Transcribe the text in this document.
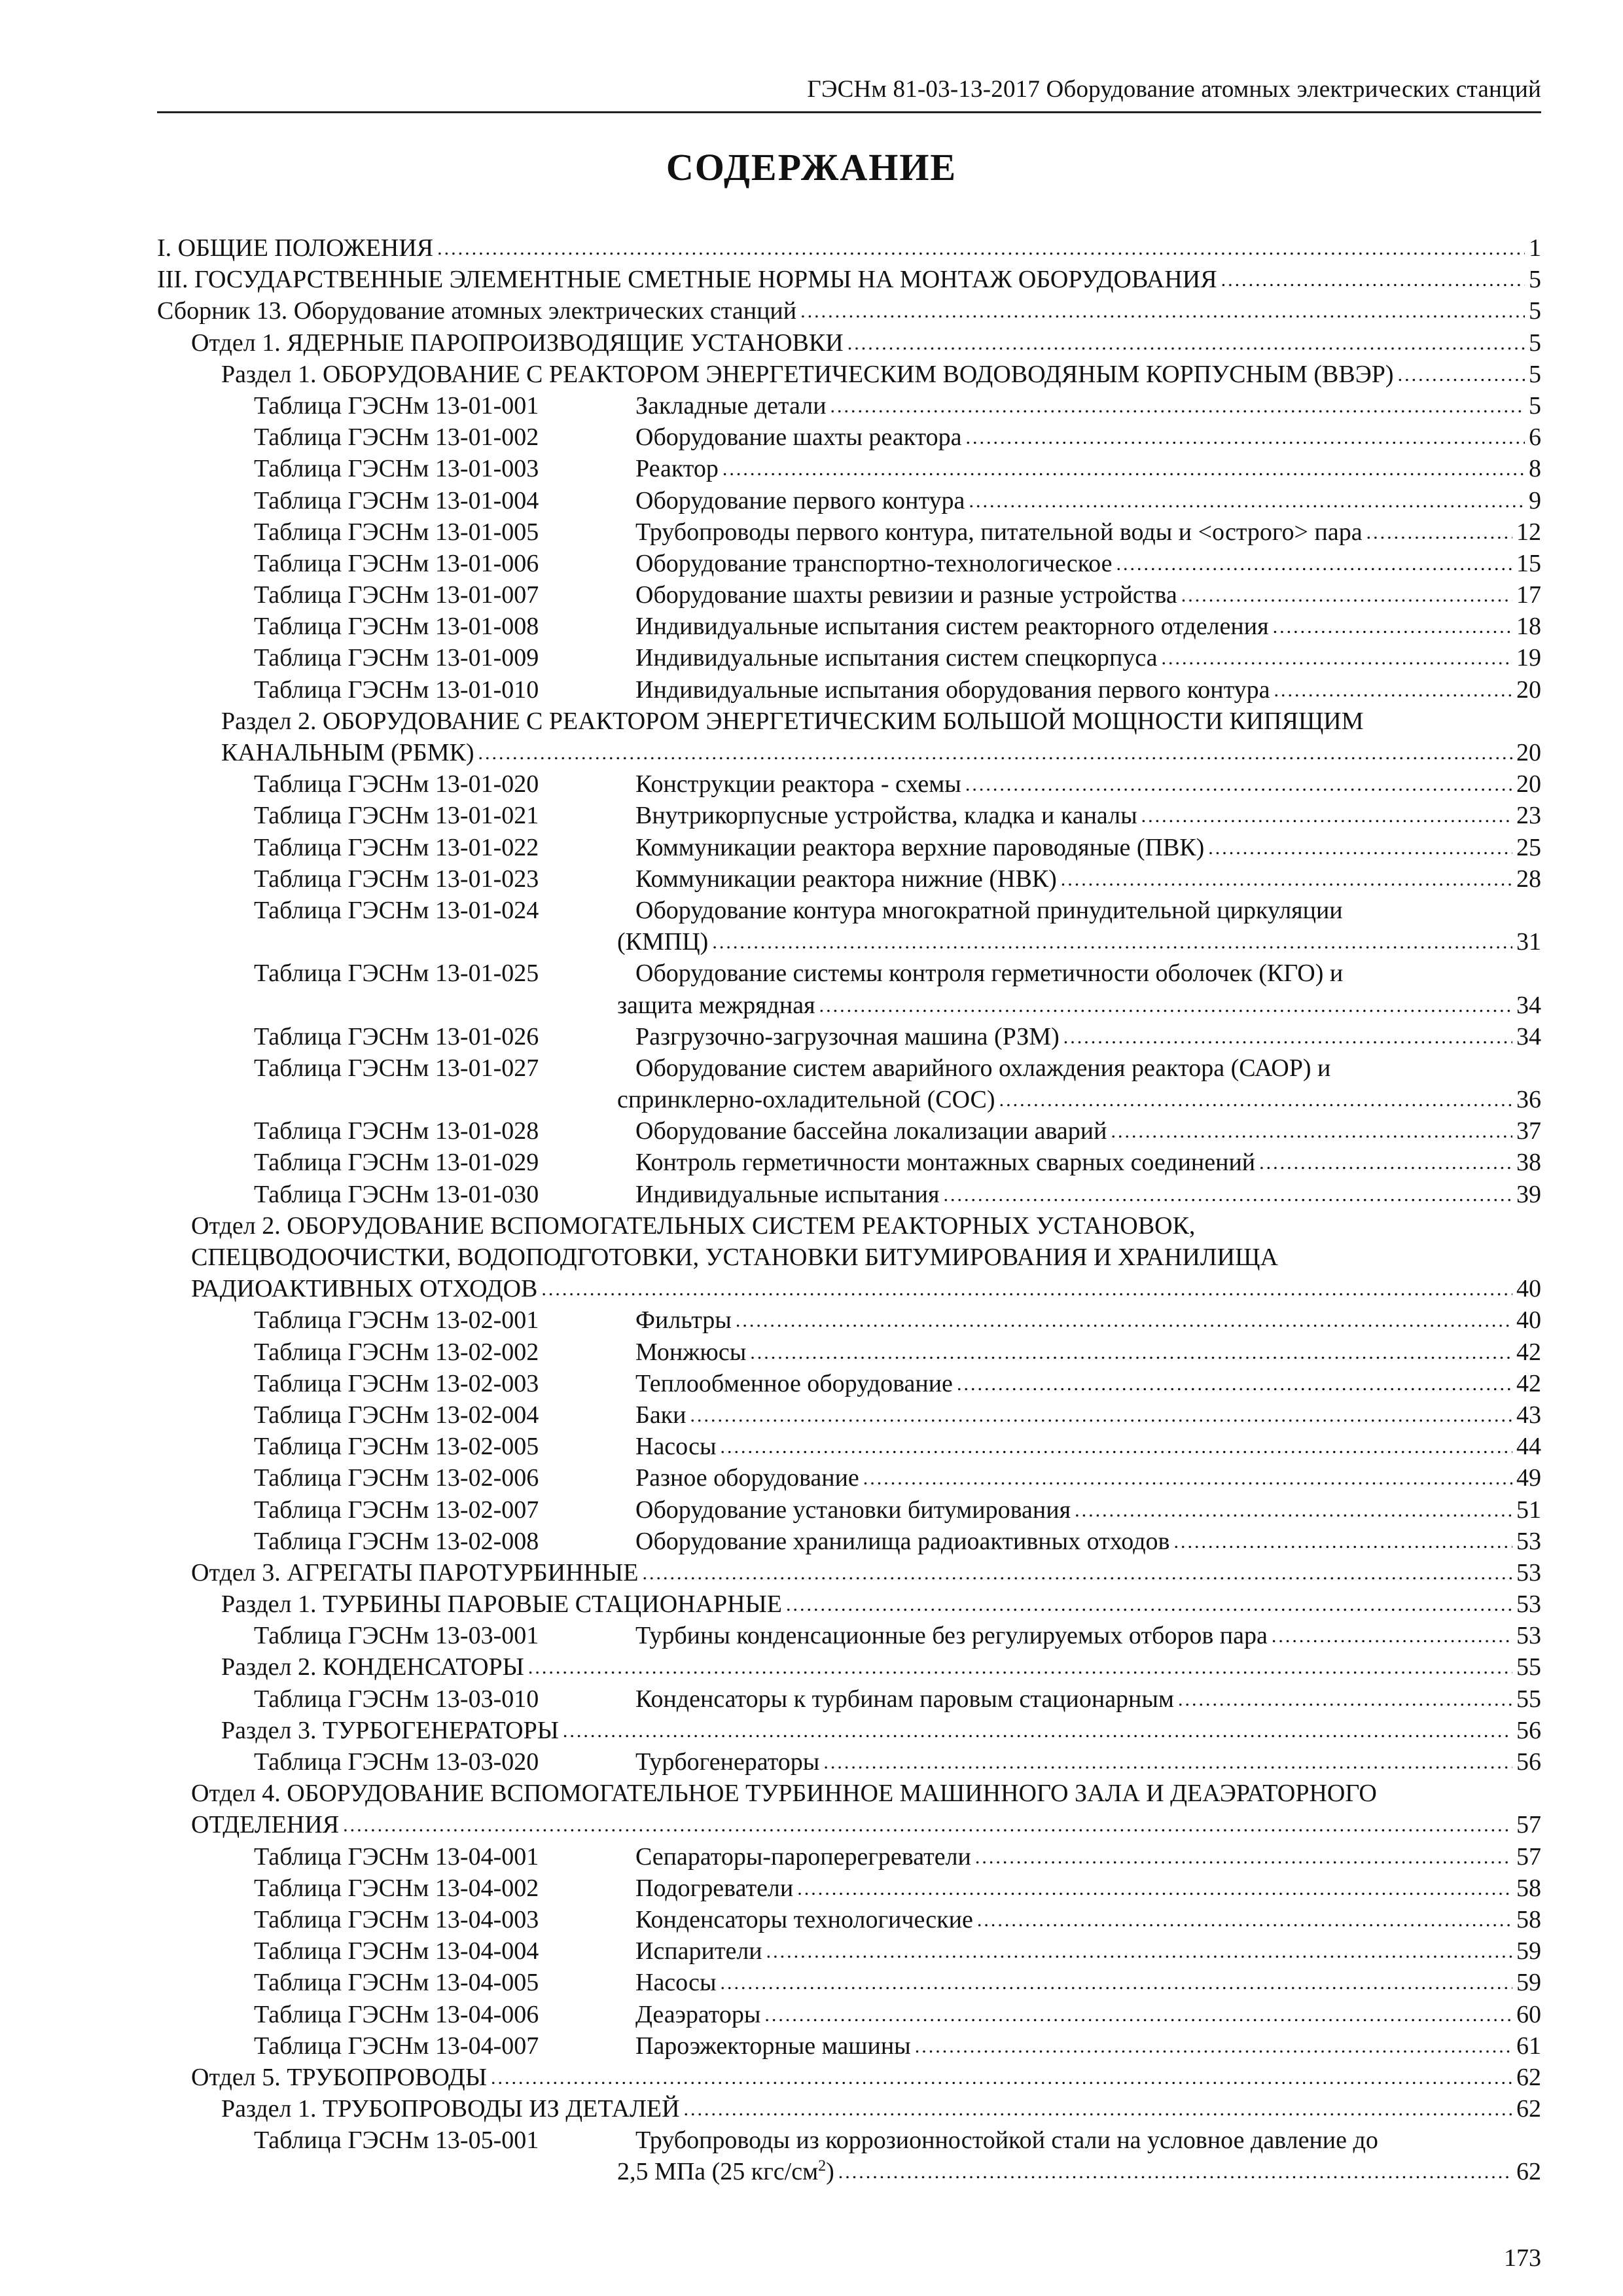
ГЭСНм 81-03-13-2017 Оборудование атомных электрических станций
СОДЕРЖАНИЕ
I. ОБЩИЕ ПОЛОЖЕНИЯ .....	1
III. ГОСУДАРСТВЕННЫЕ ЭЛЕМЕНТНЫЕ СМЕТНЫЕ НОРМЫ НА МОНТАЖ ОБОРУДОВАНИЯ .....	5
Сборник 13. Оборудование атомных электрических станций .....	5
Отдел 1. ЯДЕРНЫЕ ПАРОПРОИЗВОДЯЩИЕ УСТАНОВКИ .....	5
Раздел 1. ОБОРУДОВАНИЕ С РЕАКТОРОМ ЭНЕРГЕТИЧЕСКИМ ВОДОВОДЯНЫМ КОРПУСНЫМ (ВВЭР) .....	5
Таблица ГЭСНм 13-01-001	Закладные детали .....	5
Таблица ГЭСНм 13-01-002	Оборудование шахты реактора .....	6
Таблица ГЭСНм 13-01-003	Реактор .....	8
Таблица ГЭСНм 13-01-004	Оборудование первого контура .....	9
Таблица ГЭСНм 13-01-005	Трубопроводы первого контура, питательной воды и <острого> пара .....	12
Таблица ГЭСНм 13-01-006	Оборудование транспортно-технологическое .....	15
Таблица ГЭСНм 13-01-007	Оборудование шахты ревизии и разные устройства .....	17
Таблица ГЭСНм 13-01-008	Индивидуальные испытания систем реакторного отделения .....	18
Таблица ГЭСНм 13-01-009	Индивидуальные испытания систем спецкорпуса .....	19
Таблица ГЭСНм 13-01-010	Индивидуальные испытания оборудования первого контура .....	20
Раздел 2. ОБОРУДОВАНИЕ С РЕАКТОРОМ ЭНЕРГЕТИЧЕСКИМ БОЛЬШОЙ МОЩНОСТИ КИПЯЩИМ
КАНАЛЬНЫМ (РБМК) .....	20
Таблица ГЭСНм 13-01-020	Конструкции реактора - схемы .....	20
Таблица ГЭСНм 13-01-021	Внутрикорпусные устройства, кладка и каналы .....	23
Таблица ГЭСНм 13-01-022	Коммуникации реактора верхние пароводяные (ПВК) .....	25
Таблица ГЭСНм 13-01-023	Коммуникации реактора нижние (НВК) .....	28
Таблица ГЭСНм 13-01-024	Оборудование контура многократной принудительной циркуляции
(КМПЦ) .....	31
Таблица ГЭСНм 13-01-025	Оборудование системы контроля герметичности оболочек (КГО) и
защита межрядная .....	34
Таблица ГЭСНм 13-01-026	Разгрузочно-загрузочная машина (РЗМ) .....	34
Таблица ГЭСНм 13-01-027	Оборудование систем аварийного охлаждения реактора (САОР) и
спринклерно-охладительной (СОС) .....	36
Таблица ГЭСНм 13-01-028	Оборудование бассейна локализации аварий .....	37
Таблица ГЭСНм 13-01-029	Контроль герметичности монтажных сварных соединений .....	38
Таблица ГЭСНм 13-01-030	Индивидуальные испытания .....	39
Отдел 2. ОБОРУДОВАНИЕ ВСПОМОГАТЕЛЬНЫХ СИСТЕМ РЕАКТОРНЫХ УСТАНОВОК,
СПЕЦВОДООЧИСТКИ, ВОДОПОДГОТОВКИ, УСТАНОВКИ БИТУМИРОВАНИЯ И ХРАНИЛИЩА
РАДИОАКТИВНЫХ ОТХОДОВ .....	40
Таблица ГЭСНм 13-02-001	Фильтры .....	40
Таблица ГЭСНм 13-02-002	Монжюсы .....	42
Таблица ГЭСНм 13-02-003	Теплообменное оборудование .....	42
Таблица ГЭСНм 13-02-004	Баки .....	43
Таблица ГЭСНм 13-02-005	Насосы .....	44
Таблица ГЭСНм 13-02-006	Разное оборудование .....	49
Таблица ГЭСНм 13-02-007	Оборудование установки битумирования .....	51
Таблица ГЭСНм 13-02-008	Оборудование хранилища радиоактивных отходов .....	53
Отдел 3. АГРЕГАТЫ ПАРОТУРБИННЫЕ .....	53
Раздел 1. ТУРБИНЫ ПАРОВЫЕ СТАЦИОНАРНЫЕ .....	53
Таблица ГЭСНм 13-03-001	Турбины конденсационные без регулируемых отборов пара .....	53
Раздел 2. КОНДЕНСАТОРЫ .....	55
Таблица ГЭСНм 13-03-010	Конденсаторы к турбинам паровым стационарным .....	55
Раздел 3. ТУРБОГЕНЕРАТОРЫ .....	56
Таблица ГЭСНм 13-03-020	Турбогенераторы .....	56
Отдел 4. ОБОРУДОВАНИЕ ВСПОМОГАТЕЛЬНОЕ ТУРБИННОЕ МАШИННОГО ЗАЛА И ДЕАЭРАТОРНОГО
ОТДЕЛЕНИЯ .....	57
Таблица ГЭСНм 13-04-001	Сепараторы-пароперегреватели .....	57
Таблица ГЭСНм 13-04-002	Подогреватели .....	58
Таблица ГЭСНм 13-04-003	Конденсаторы технологические .....	58
Таблица ГЭСНм 13-04-004	Испарители .....	59
Таблица ГЭСНм 13-04-005	Насосы .....	59
Таблица ГЭСНм 13-04-006	Деаэраторы .....	60
Таблица ГЭСНм 13-04-007	Пароэжекторные машины .....	61
Отдел 5. ТРУБОПРОВОДЫ .....	62
Раздел 1. ТРУБОПРОВОДЫ ИЗ ДЕТАЛЕЙ .....	62
Таблица ГЭСНм 13-05-001	Трубопроводы из коррозионностойкой стали на условное давление до
2,5 МПа (25 кгс/$см^2$) .....	62
173
